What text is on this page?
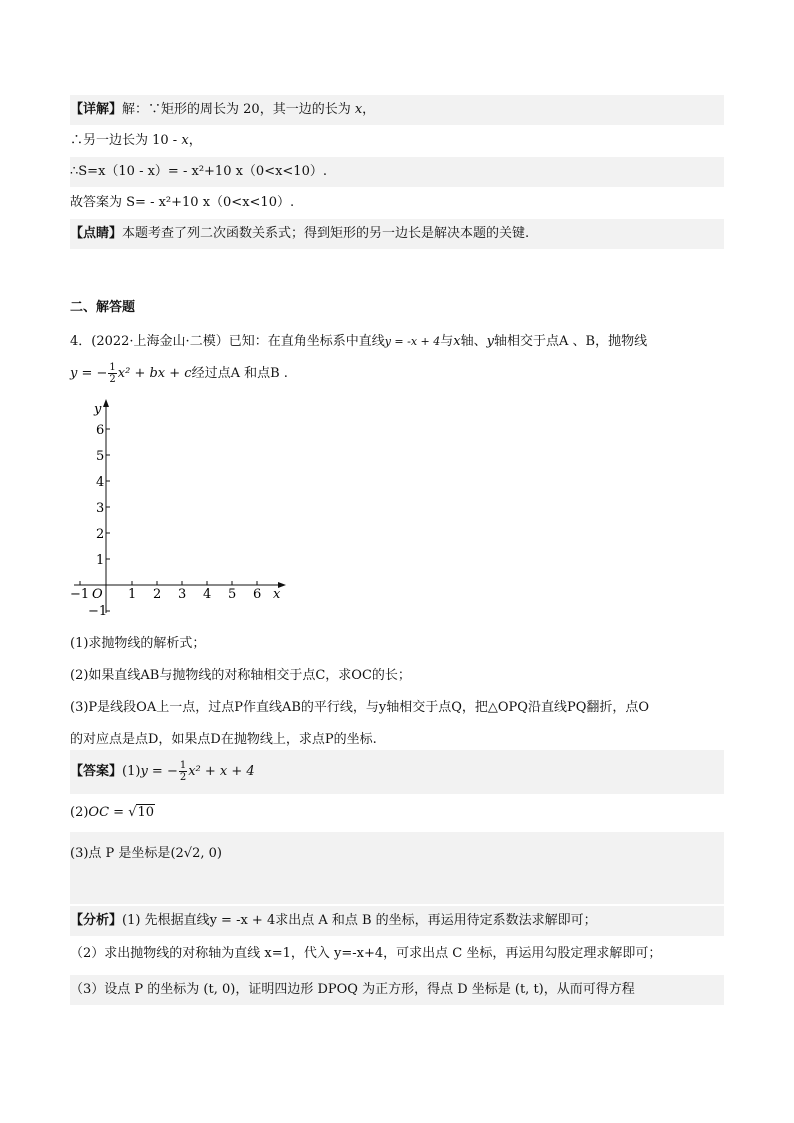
【详解】解：∵矩形的周长为 20，其一边的长为 x，
∴另一边长为 10 - x，
∴S=x（10 - x）= - x²+10 x（0<x<10）.
故答案为 S= - x²+10 x（0<x<10）.
【点睛】本题考查了列二次函数关系式；得到矩形的另一边长是解决本题的关键.
二、解答题
4．(2022·上海金山·二模）已知：在直角坐标系中直线y = -x + 4与x轴、y轴相交于点A 、B，抛物线
y = − $\frac{1}{2} x^2$ + bx + c经过点A 和点B .
y
x
O
6
5
4
3
2
1
−1
−1	1 2 3 4 5 6
(1)求抛物线的解析式；
(2)如果直线AB与抛物线的对称轴相交于点C，求OC的长；
(3)P是线段OA上一点，过点P作直线AB的平行线，与y轴相交于点Q，把△OPQ沿直线PQ翻折，点O
的对应点是点D，如果点D在抛物线上，求点P的坐标.
【答案】(1)y = − $\frac{1}{2} x^2 + x + 4$
(2)OC = √10
(3)点 P 是坐标是(2√2, 0)
【分析】(1) 先根据直线y = -x + 4求出点 A 和点 B 的坐标，再运用待定系数法求解即可；
（2）求出抛物线的对称轴为直线 x=1，代入 y=-x+4，可求出点 C 坐标，再运用勾股定理求解即可；
（3）设点 P 的坐标为 (t, 0)，证明四边形 DPOQ 为正方形，得点 D 坐标是 (t, t)，从而可得方程
